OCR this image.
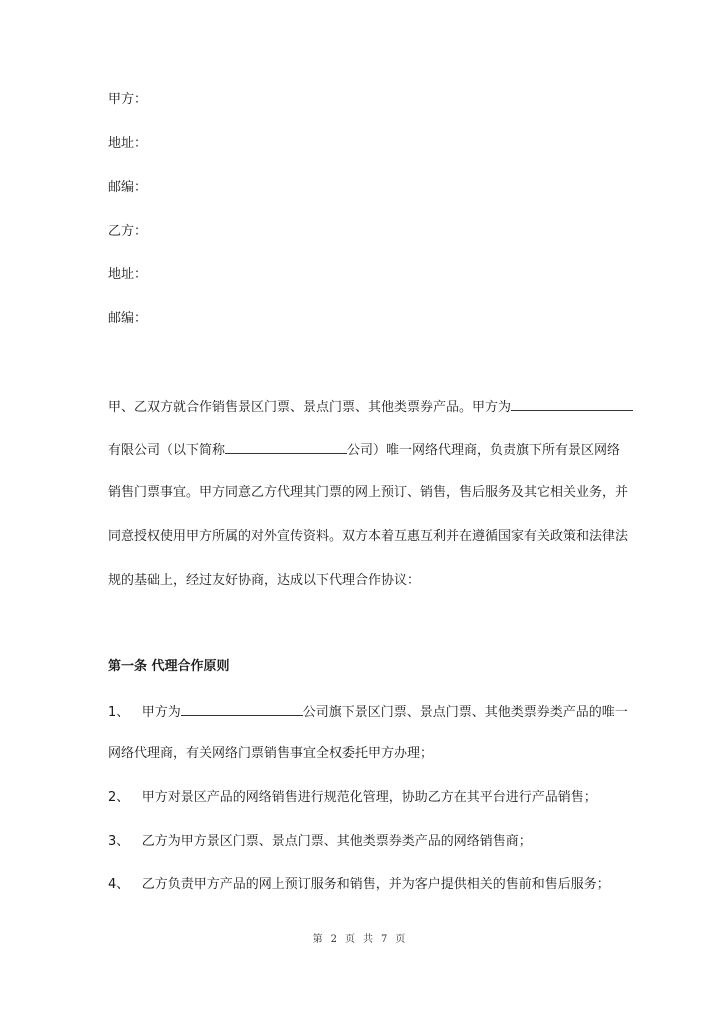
甲方：
地址：
邮编：
乙方：
地址：
邮编：
甲、乙双方就合作销售景区门票、景点门票、其他类票券产品。甲方为
有限公司（以下简称	公司）唯一网络代理商，负责旗下所有景区网络
销售门票事宜。甲方同意乙方代理其门票的网上预订、销售，售后服务及其它相关业务，并
同意授权使用甲方所属的对外宣传资料。双方本着互惠互利并在遵循国家有关政策和法律法
规的基础上，经过友好协商，达成以下代理合作协议：
第一条 代理合作原则
1、 甲方为	公司旗下景区门票、景点门票、其他类票券类产品的唯一
网络代理商，有关网络门票销售事宜全权委托甲方办理；
2、 甲方对景区产品的网络销售进行规范化管理，协助乙方在其平台进行产品销售；
3、 乙方为甲方景区门票、景点门票、其他类票券类产品的网络销售商；
4、 乙方负责甲方产品的网上预订服务和销售，并为客户提供相关的售前和售后服务；
第 2 页 共 7 页
